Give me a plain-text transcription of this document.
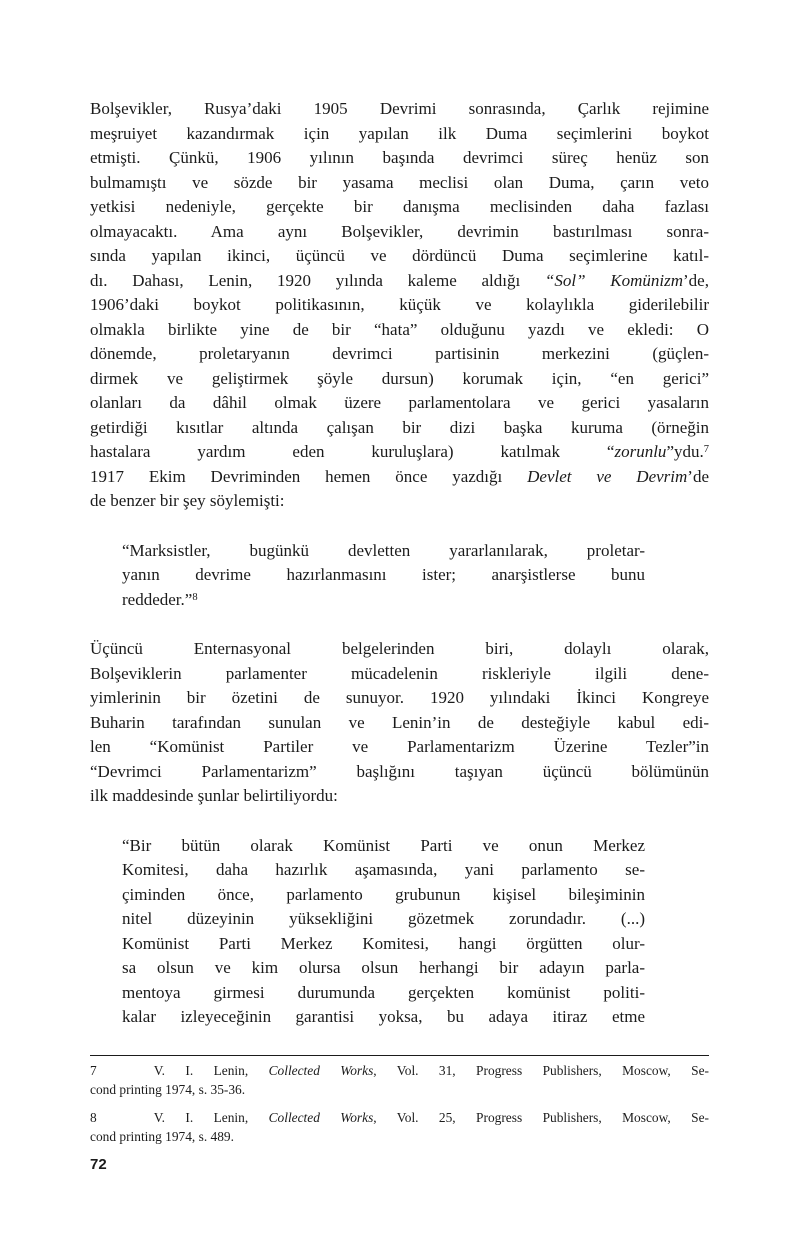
Bolşevikler, Rusya’daki 1905 Devrimi sonrasında, Çarlık rejimine
meşruiyet kazandırmak için yapılan ilk Duma seçimlerini boykot
etmişti. Çünkü, 1906 yılının başında devrimci süreç henüz son
bulmamıştı ve sözde bir yasama meclisi olan Duma, çarın veto
yetkisi nedeniyle, gerçekte bir danışma meclisinden daha fazlası
olmayacaktı. Ama aynı Bolşevikler, devrimin bastırılması sonra-
sında yapılan ikinci, üçüncü ve dördüncü Duma seçimlerine katıl-
dı. Dahası, Lenin, 1920 yılında kaleme aldığı “Sol” Komünizm’de,
1906’daki boykot politikasının, küçük ve kolaylıkla giderilebilir
olmakla birlikte yine de bir “hata” olduğunu yazdı ve ekledi: O
dönemde, proletaryanın devrimci partisinin merkezini (güçlen-
dirmek ve geliştirmek şöyle dursun) korumak için, “en gerici”
olanları da dâhil olmak üzere parlamentolara ve gerici yasaların
getirdiği kısıtlar altında çalışan bir dizi başka kuruma (örneğin
hastalara yardım eden kuruluşlara) katılmak “zorunlu”ydu.$^7$
1917 Ekim Devriminden hemen önce yazdığı Devlet ve Devrim’de
de benzer bir şey söylemişti:
“Marksistler, bugünkü devletten yararlanılarak, proletar-
yanın devrime hazırlanmasını ister; anarşistlerse bunu
reddeder.”$^8$
Üçüncü Enternasyonal belgelerinden biri, dolaylı olarak,
Bolşeviklerin parlamenter mücadelenin riskleriyle ilgili dene-
yimlerinin bir özetini de sunuyor. 1920 yılındaki İkinci Kongreye
Buharin tarafından sunulan ve Lenin’in de desteğiyle kabul edi-
len “Komünist Partiler ve Parlamentarizm Üzerine Tezler”in
“Devrimci Parlamentarizm” başlığını taşıyan üçüncü bölümünün
ilk maddesinde şunlar belirtiliyordu:
“Bir bütün olarak Komünist Parti ve onun Merkez
Komitesi, daha hazırlık aşamasında, yani parlamento se-
çiminden önce, parlamento grubunun kişisel bileşiminin
nitel düzeyinin yüksekliğini gözetmek zorundadır. (...)
Komünist Parti Merkez Komitesi, hangi örgütten olur-
sa olsun ve kim olursa olsun herhangi bir adayın parla-
mentoya girmesi durumunda gerçekten komünist politi-
kalar izleyeceğinin garantisi yoksa, bu adaya itiraz etme
7	V. I. Lenin, Collected Works, Vol. 31, Progress Publishers, Moscow, Se-
cond printing 1974, s. 35-36.
8	V. I. Lenin, Collected Works, Vol. 25, Progress Publishers, Moscow, Se-
cond printing 1974, s. 489.
72
